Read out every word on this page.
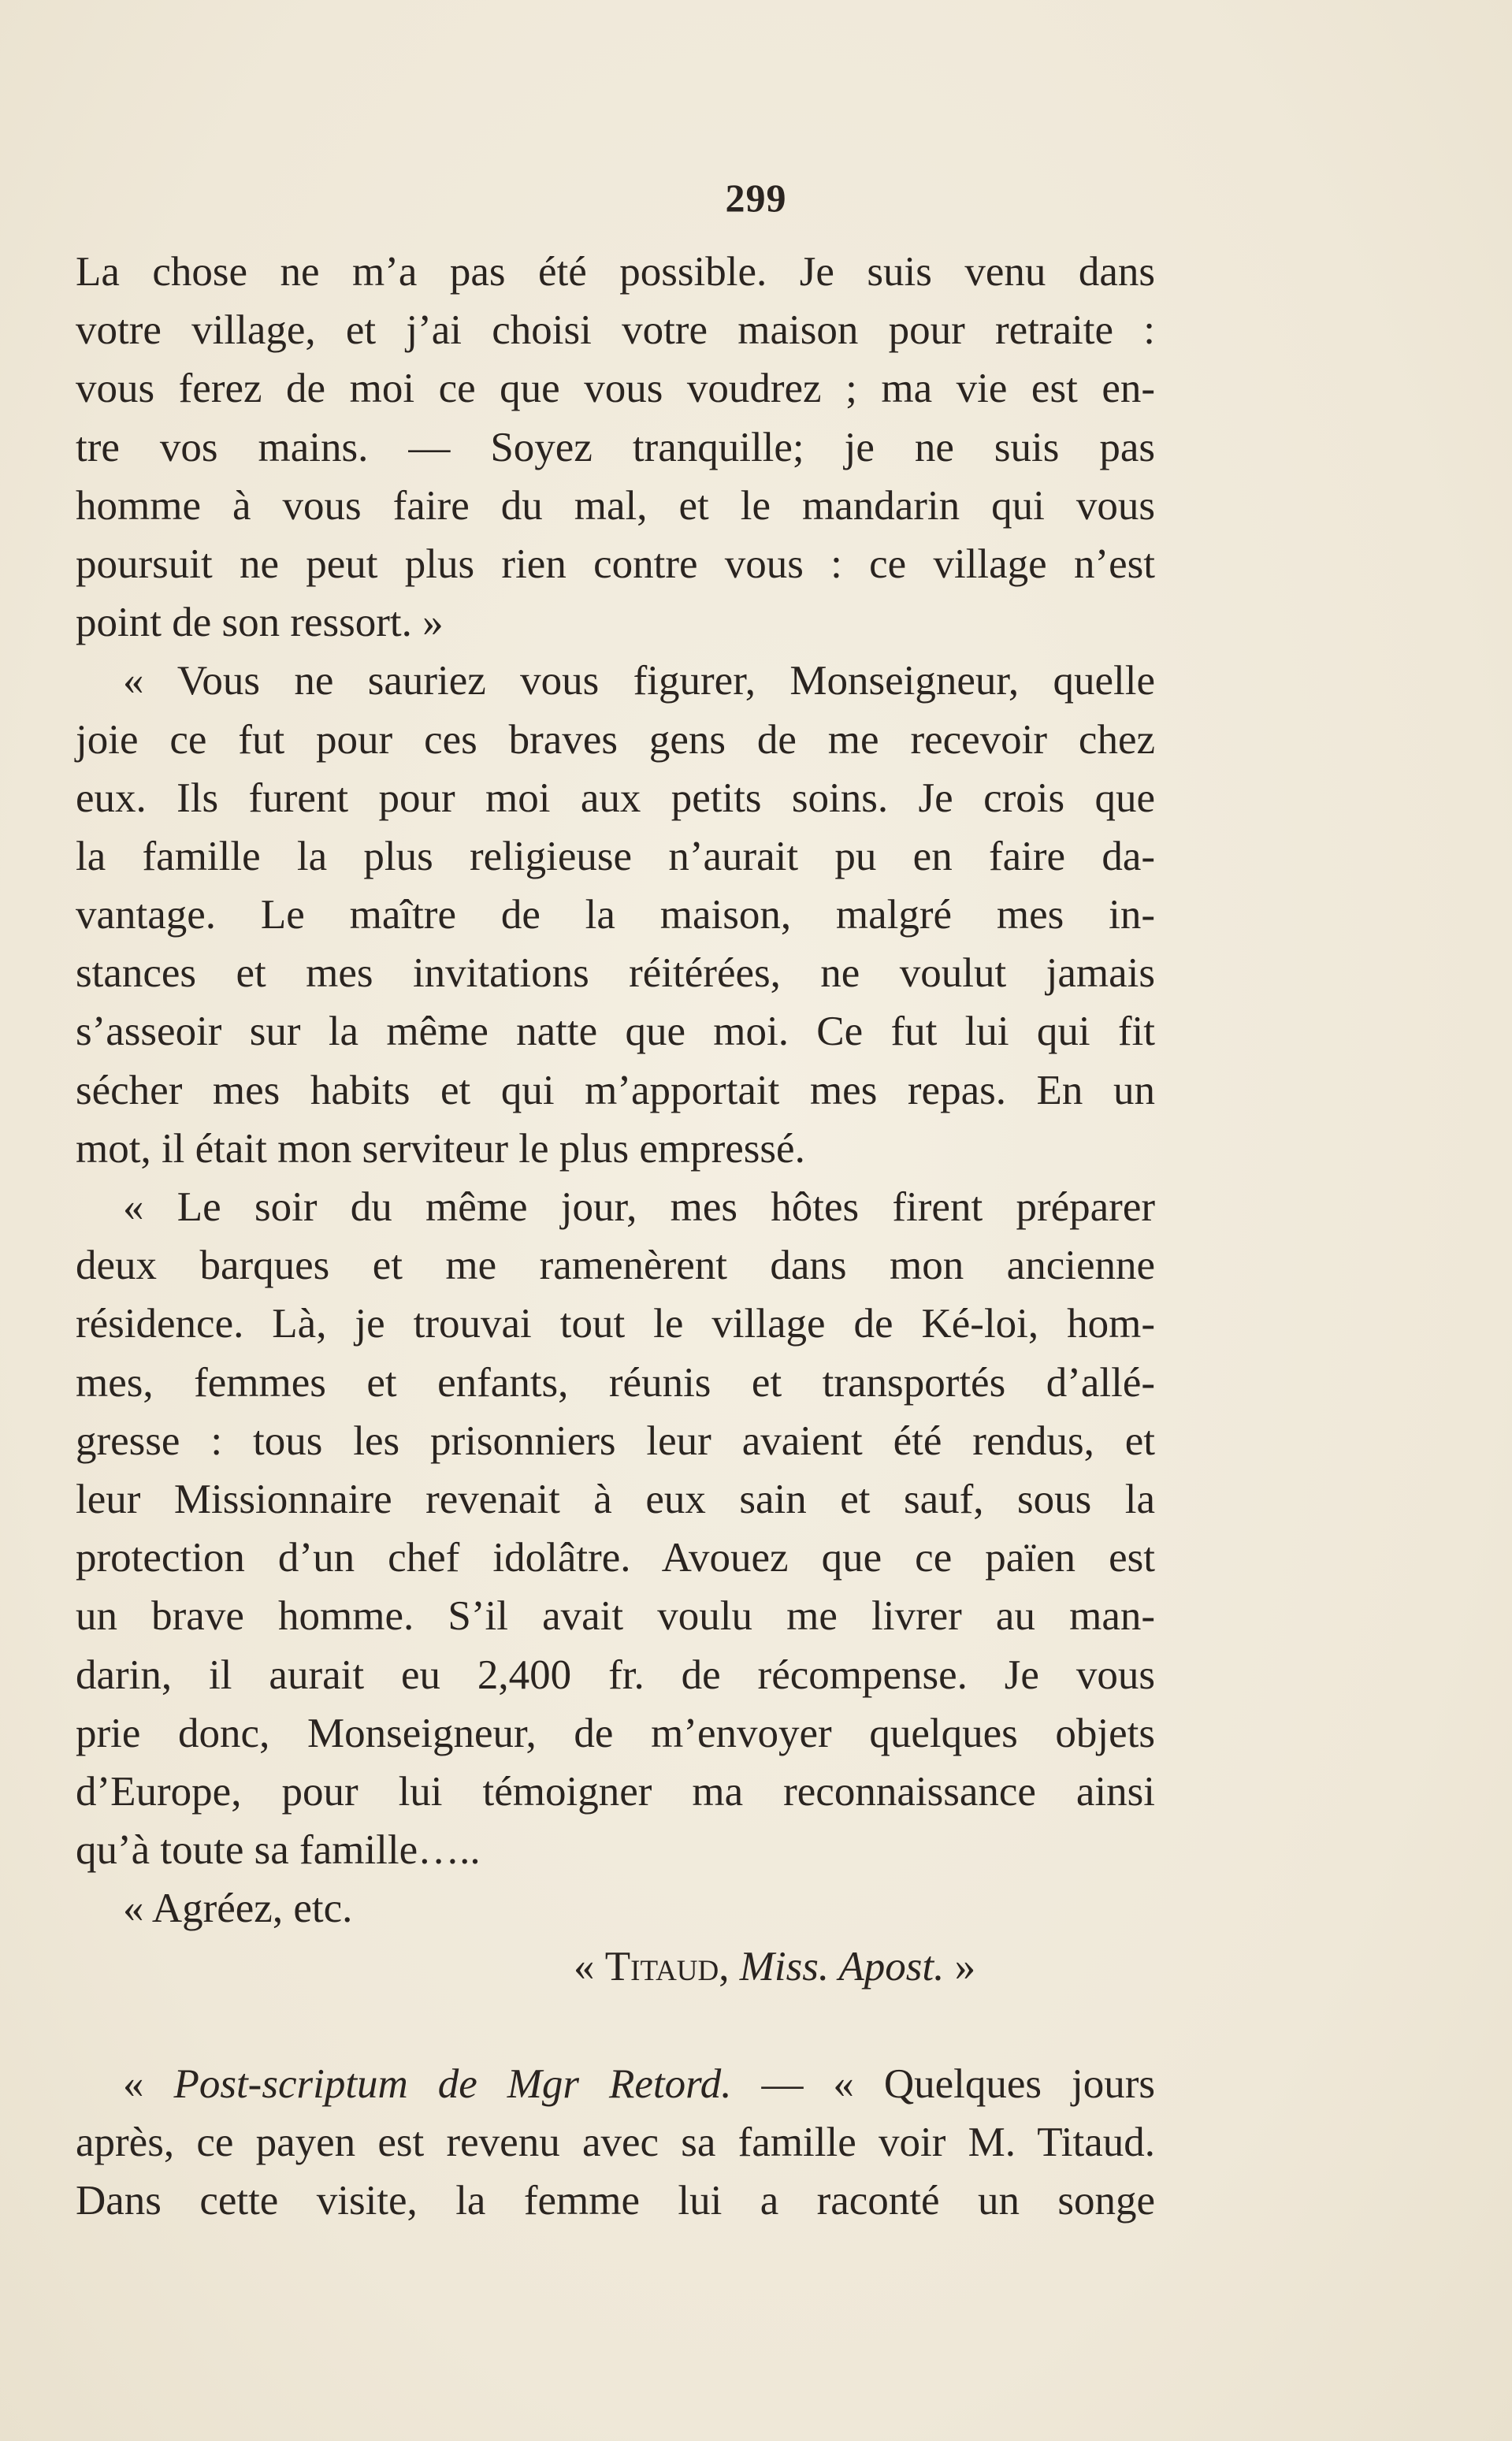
299
La chose ne m’a pas été possible. Je suis venu dans
votre village, et j’ai choisi votre maison pour retraite :
vous ferez de moi ce que vous voudrez ; ma vie est en-
tre vos mains. — Soyez tranquille; je ne suis pas
homme à vous faire du mal, et le mandarin qui vous
poursuit ne peut plus rien contre vous : ce village n’est
point de son ressort. »
« Vous ne sauriez vous figurer, Monseigneur, quelle
joie ce fut pour ces braves gens de me recevoir chez
eux. Ils furent pour moi aux petits soins. Je crois que
la famille la plus religieuse n’aurait pu en faire da-
vantage. Le maître de la maison, malgré mes in-
stances et mes invitations réitérées, ne voulut jamais
s’asseoir sur la même natte que moi. Ce fut lui qui fit
sécher mes habits et qui m’apportait mes repas. En un
mot, il était mon serviteur le plus empressé.
« Le soir du même jour, mes hôtes firent préparer
deux barques et me ramenèrent dans mon ancienne
résidence. Là, je trouvai tout le village de Ké-loi, hom-
mes, femmes et enfants, réunis et transportés d’allé-
gresse : tous les prisonniers leur avaient été rendus, et
leur Missionnaire revenait à eux sain et sauf, sous la
protection d’un chef idolâtre. Avouez que ce païen est
un brave homme. S’il avait voulu me livrer au man-
darin, il aurait eu 2,400 fr. de récompense. Je vous
prie donc, Monseigneur, de m’envoyer quelques objets
d’Europe, pour lui témoigner ma reconnaissance ainsi
qu’à toute sa famille…..
« Agréez, etc.
« Titaud, Miss. Apost. »
« Post-scriptum de Mgr Retord. — « Quelques jours
après, ce payen est revenu avec sa famille voir M. Titaud.
Dans cette visite, la femme lui a raconté un songe
